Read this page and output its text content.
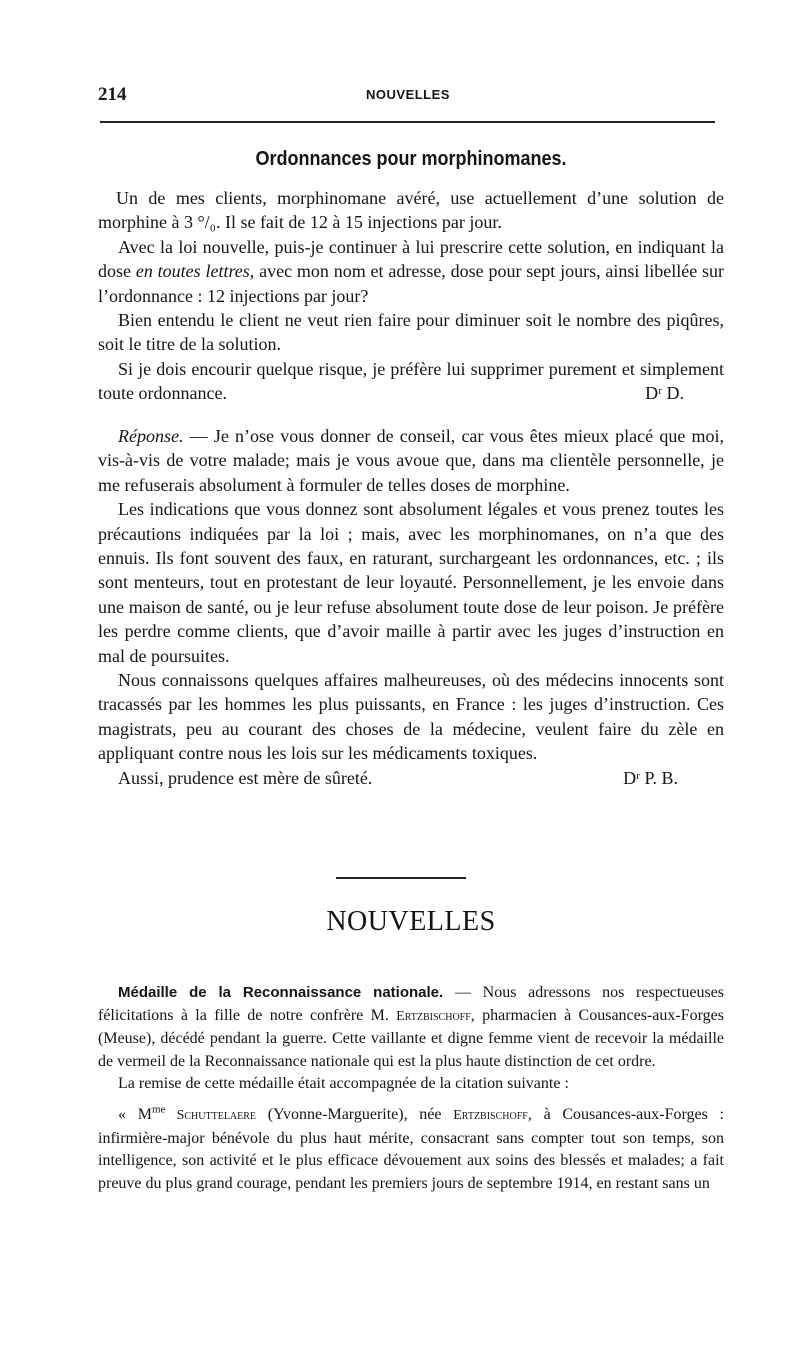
214	NOUVELLES
Ordonnances pour morphinomanes.

Un de mes clients, morphinomane avéré, use actuellement d’une solution de morphine à 3 °/₀. Il se fait de 12 à 15 injections par jour.

Avec la loi nouvelle, puis-je continuer à lui prescrire cette solution, en indiquant la dose en toutes lettres, avec mon nom et adresse, dose pour sept jours, ainsi libellée sur l’ordonnance : 12 injections par jour?

Bien entendu le client ne veut rien faire pour diminuer soit le nombre des piqûres, soit le titre de la solution.

Si je dois encourir quelque risque, je préfère lui supprimer purement et simplement toute ordonnance.	Dʳ D.

Réponse. — Je n’ose vous donner de conseil, car vous êtes mieux placé que moi, vis-à-vis de votre malade; mais je vous avoue que, dans ma clientèle personnelle, je me refuserais absolument à formuler de telles doses de morphine.

Les indications que vous donnez sont absolument légales et vous prenez toutes les précautions indiquées par la loi ; mais, avec les morphinomanes, on n’a que des ennuis. Ils font souvent des faux, en raturant, surchargeant les ordonnances, etc. ; ils sont menteurs, tout en protestant de leur loyauté. Personnellement, je les envoie dans une maison de santé, ou je leur refuse absolument toute dose de leur poison. Je préfère les perdre comme clients, que d’avoir maille à partir avec les juges d’instruction en mal de poursuites.

Nous connaissons quelques affaires malheureuses, où des médecins innocents sont tracassés par les hommes les plus puissants, en France : les juges d’instruction. Ces magistrats, peu au courant des choses de la médecine, veulent faire du zèle en appliquant contre nous les lois sur les médicaments toxiques.

Aussi, prudence est mère de sûreté.	Dʳ P. B.

NOUVELLES

Médaille de la Reconnaissance nationale. — Nous adressons nos respectueuses félicitations à la fille de notre confrère M. Ertzbischoff, pharmacien à Cousances-aux-Forges (Meuse), décédé pendant la guerre. Cette vaillante et digne femme vient de recevoir la médaille de vermeil de la Reconnaissance nationale qui est la plus haute distinction de cet ordre.

La remise de cette médaille était accompagnée de la citation suivante :

« $M^{me}$ Schuttelaere (Yvonne-Marguerite), née Ertzbischoff, à Cousances-aux-Forges : infirmière-major bénévole du plus haut mérite, consacrant sans compter tout son temps, son intelligence, son activité et le plus efficace dévouement aux soins des blessés et malades; a fait preuve du plus grand courage, pendant les premiers jours de septembre 1914, en restant sans un
